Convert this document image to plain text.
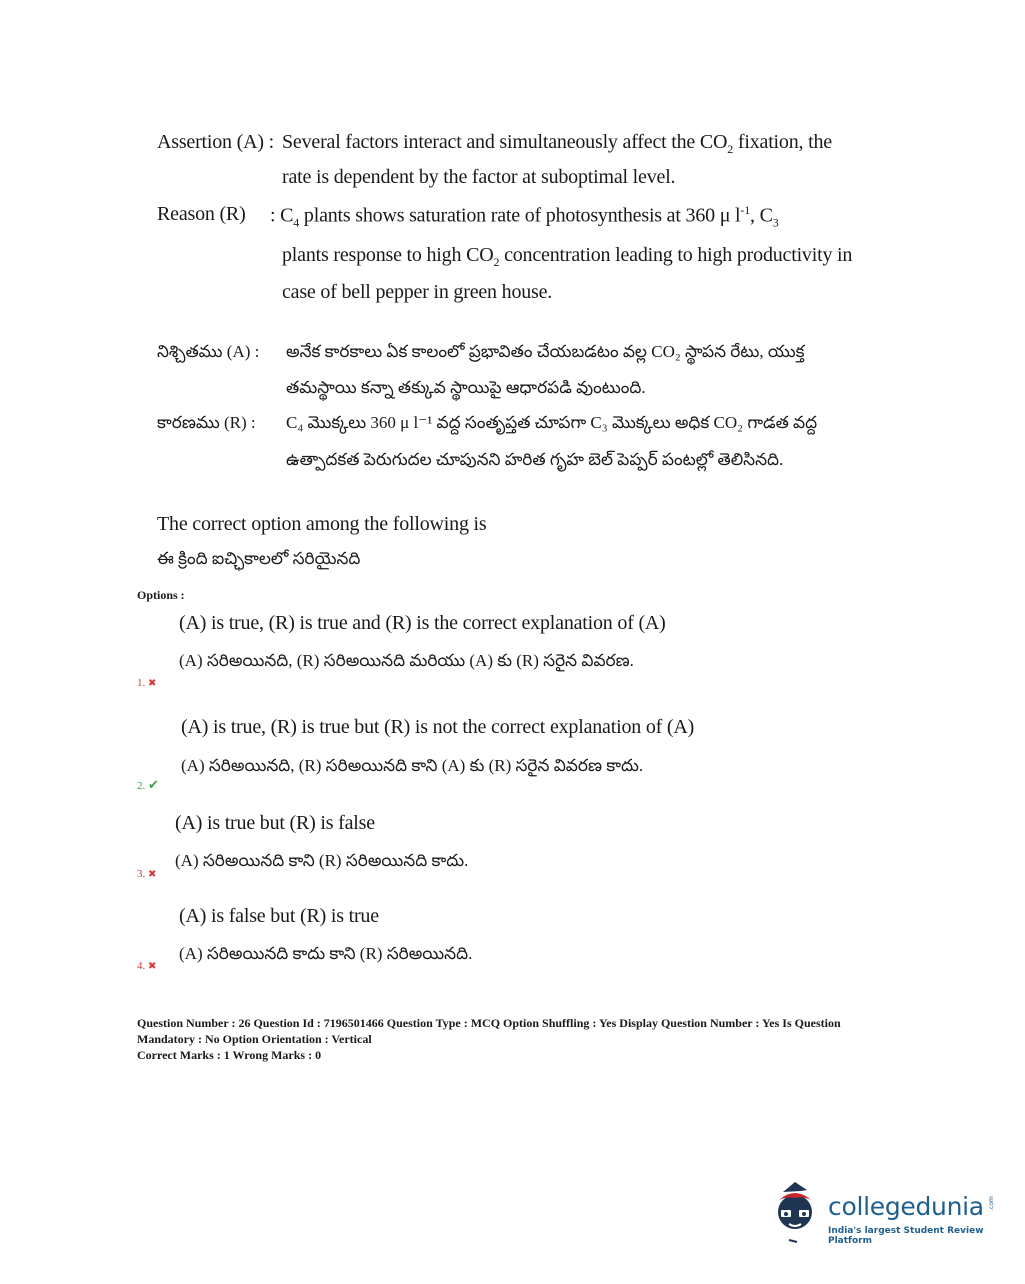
Assertion (A) : Several factors interact and simultaneously affect the $CO_2$ fixation, the
rate is dependent by the factor at suboptimal level.
Reason (R) : $C_4$ plants shows saturation rate of photosynthesis at 360 μ $l^{-1}$, $C_3$
plants response to high $CO_2$ concentration leading to high productivity in
case of bell pepper in green house.
నిశ్చితము (A) : అనేక కారకాలు ఏక కాలంలో ప్రభావితం చేయబడటం వల్ల CO₂ స్థాపన రేటు, యుక్త
తమస్థాయి కన్నా తక్కువ స్థాయిపై ఆధారపడి వుంటుంది.
కారణము (R) : C₄ మొక్కలు 360 μ l⁻¹ వద్ద సంతృప్తత చూపగా C₃ మొక్కలు అధిక CO₂ గాడత వద్ద
ఉత్పాదకత పెరుగుదల చూపునని హరిత గృహ బెల్ పెప్పర్ పంటల్లో తెలిసినది.
The correct option among the following is
ఈ క్రింది ఐచ్ఛికాలలో సరియైనది
Options :
(A) is true, (R) is true and (R) is the correct explanation of (A)
(A) సరిఅయినది, (R) సరిఅయినది మరియు (A) కు (R) సరైన వివరణ.
1. ✖
(A) is true, (R) is true but (R) is not the correct explanation of (A)
(A) సరిఅయినది, (R) సరిఅయినది కాని (A) కు (R) సరైన వివరణ కాదు.
2. ✔
(A) is true but (R) is false
(A) సరిఅయినది కాని (R) సరిఅయినది కాదు.
3. ✖
(A) is false but (R) is true
(A) సరిఅయినది కాదు కాని (R) సరిఅయినది.
4. ✖
Question Number : 26 Question Id : 7196501466 Question Type : MCQ Option Shuffling : Yes Display Question Number : Yes Is Question Mandatory : No Option Orientation : Vertical
Correct Marks : 1 Wrong Marks : 0
collegedunia .com
India's largest Student Review Platform
